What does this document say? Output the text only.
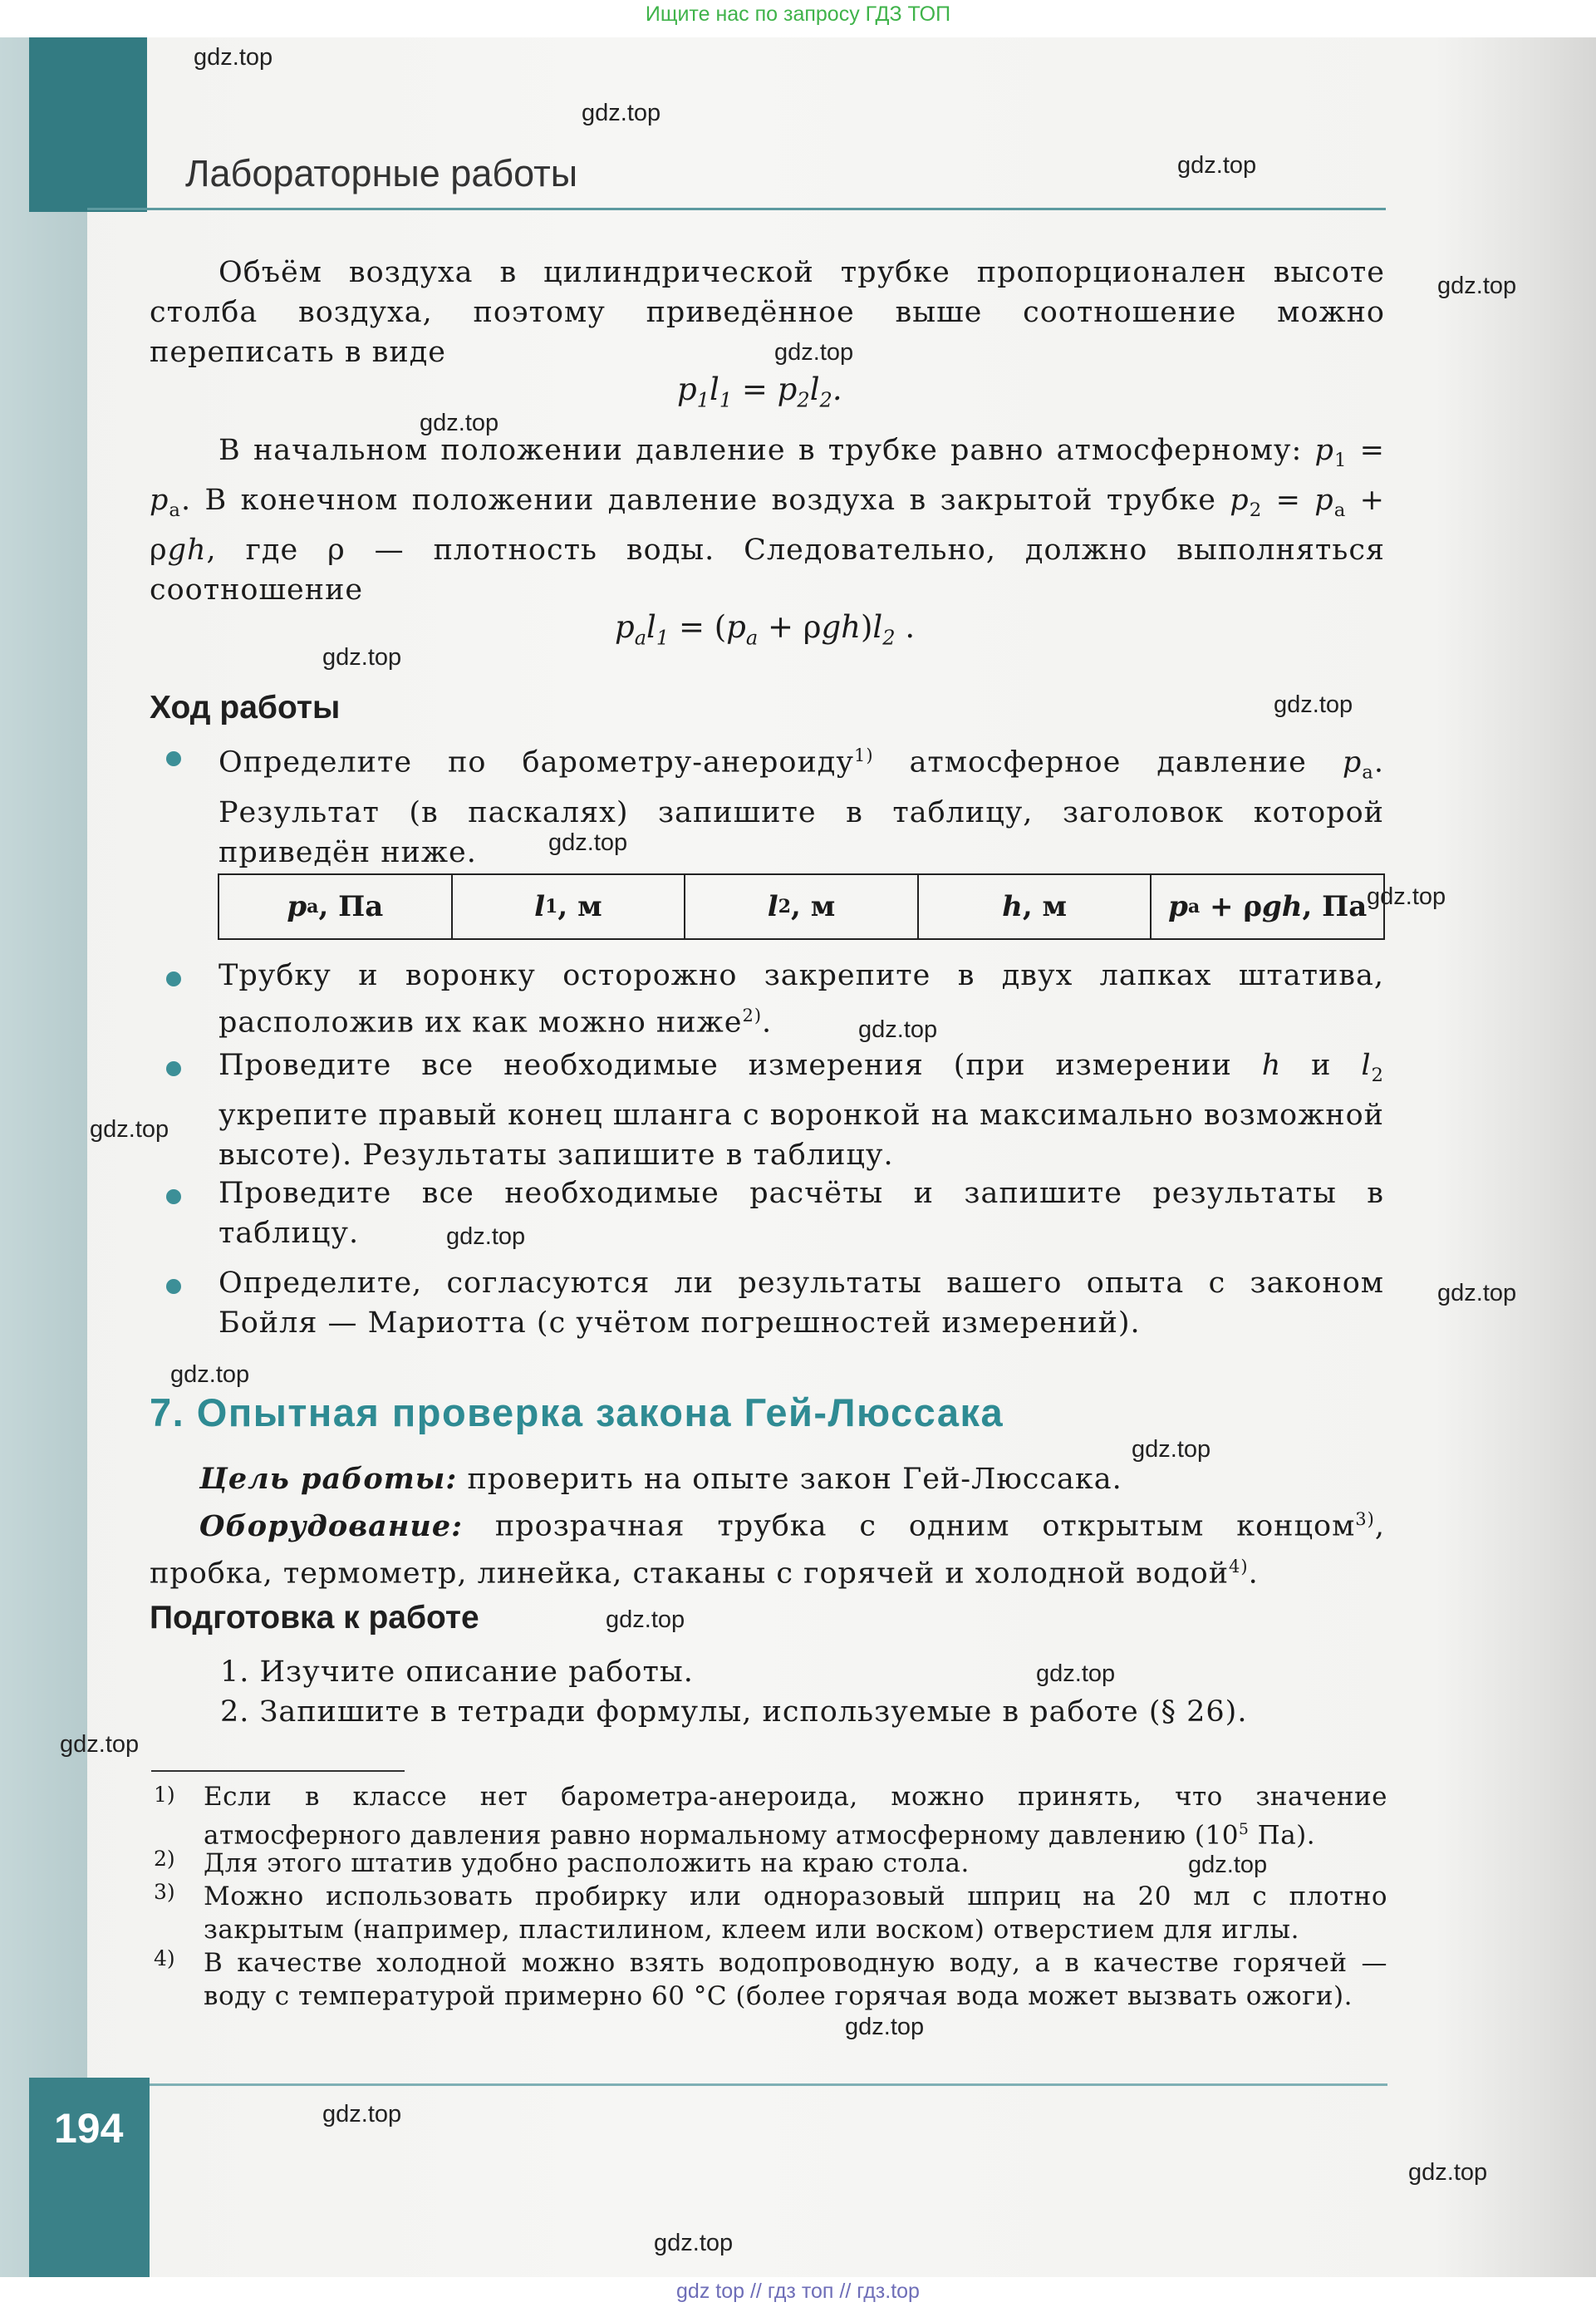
Ищите нас по запросу ГДЗ ТОП
Лабораторные работы
Объём воздуха в цилиндрической трубке пропорционален высоте столба воздуха, поэтому приведённое выше соотношение можно переписать в виде
$p_1l_1 = p_2l_2$.
В начальном положении давление в трубке равно атмосферному: $p_1 = p_а$. В конечном положении давление воздуха в закрытой трубке $p_2 = p_а + \rho gh$, где ρ — плотность воды. Следовательно, должно выполняться соотношение
$p_аl_1 = (p_а + \rho gh)l_2$ .
Ход работы
Определите по барометру-анероиду$^{1)}$ атмосферное давление $p_а$. Результат (в паскалях) запишите в таблицу, заголовок которой приведён ниже.
p а , Па	l 1 , м	l 2 , м	h , м	p а + ρ gh , Па
Трубку и воронку осторожно закрепите в двух лапках штатива, расположив их как можно ниже$^{2)}$.
Проведите все необходимые измерения (при измерении h и $l_2$ укрепите правый конец шланга с воронкой на максимально возможной высоте). Результаты запишите в таблицу.
Проведите все необходимые расчёты и запишите результаты в таблицу.
Определите, согласуются ли результаты вашего опыта с законом Бойля — Мариотта (с учётом погрешностей измерений).
7. Опытная проверка закона Гей-Люссака
Цель работы: проверить на опыте закон Гей-Люссака.
Оборудование: прозрачная трубка с одним открытым концом$^{3)}$, пробка, термометр, линейка, стаканы с горячей и холодной водой$^{4)}$.
Подготовка к работе
1. Изучите описание работы.
2. Запишите в тетради формулы, используемые в работе (§ 26).
1) Если в классе нет барометра-анероида, можно принять, что значение атмосферного давления равно нормальному атмосферному давлению ($10^5$ Па).
2) Для этого штатив удобно расположить на краю стола.
3) Можно использовать пробирку или одноразовый шприц на 20 мл с плотно закрытым (например, пластилином, клеем или воском) отверстием для иглы.
4) В качестве холодной можно взять водопроводную воду, а в качестве горячей — воду с температурой примерно 60 °С (более горячая вода может вызвать ожоги).
194
gdz.top
gdz.top
gdz.top
gdz.top
gdz.top
gdz.top
gdz.top
gdz.top
gdz.top
gdz.top
gdz.top
gdz.top
gdz.top
gdz.top
gdz.top
gdz.top
gdz.top
gdz.top
gdz.top
gdz.top
gdz.top
gdz.top
gdz.top
gdz.top
gdz top // гдз топ // гдз.top
